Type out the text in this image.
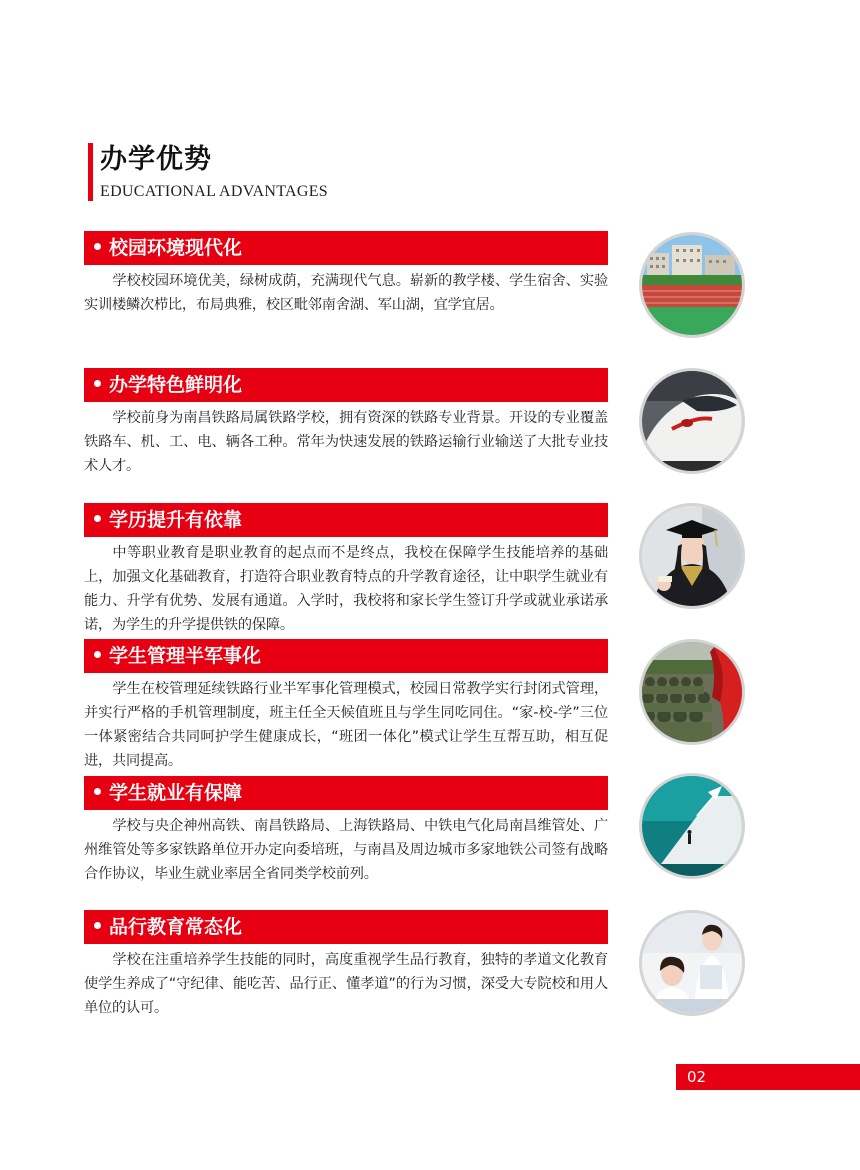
办学优势
EDUCATIONAL ADVANTAGES
校园环境现代化
学校校园环境优美，绿树成荫，充满现代气息。崭新的教学楼、学生宿舍、实验实训楼鳞次栉比，布局典雅，校区毗邻南舍湖、军山湖，宜学宜居。
办学特色鲜明化
学校前身为南昌铁路局属铁路学校，拥有资深的铁路专业背景。开设的专业覆盖铁路车、机、工、电、辆各工种。常年为快速发展的铁路运输行业输送了大批专业技术人才。
学历提升有依靠
中等职业教育是职业教育的起点而不是终点，我校在保障学生技能培养的基础上，加强文化基础教育，打造符合职业教育特点的升学教育途径，让中职学生就业有能力、升学有优势、发展有通道。入学时，我校将和家长学生签订升学或就业承诺承诺，为学生的升学提供铁的保障。
学生管理半军事化
学生在校管理延续铁路行业半军事化管理模式，校园日常教学实行封闭式管理，并实行严格的手机管理制度，班主任全天候值班且与学生同吃同住。“家-校-学”三位一体紧密结合共同呵护学生健康成长，“班团一体化”模式让学生互帮互助，相互促进，共同提高。
学生就业有保障
学校与央企神州高铁、南昌铁路局、上海铁路局、中铁电气化局南昌维管处、广州维管处等多家铁路单位开办定向委培班，与南昌及周边城市多家地铁公司签有战略合作协议，毕业生就业率居全省同类学校前列。
品行教育常态化
学校在注重培养学生技能的同时，高度重视学生品行教育，独特的孝道文化教育使学生养成了“守纪律、能吃苦、品行正、懂孝道”的行为习惯，深受大专院校和用人单位的认可。
02
